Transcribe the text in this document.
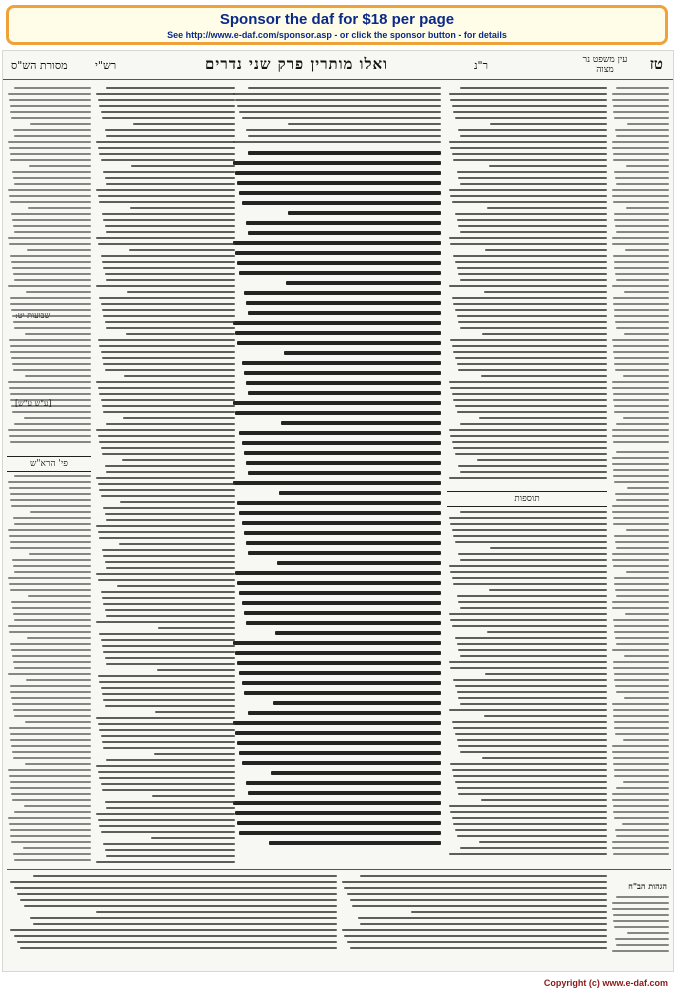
Sponsor the daf for $18 per page
See http://www.e-daf.com/sponsor.asp - or click the sponsor button - for details
טז
עין משפט נר מצוה
ר"נ
ואלו מותרין פרק שני נדרים
רש"י
מסורת הש"ס
שבועות יט:
[ע"ש ע"ש]
פי' הרא"ש
תוספות
הגהות הב"ח
Copyright (c) www.e-daf.com
